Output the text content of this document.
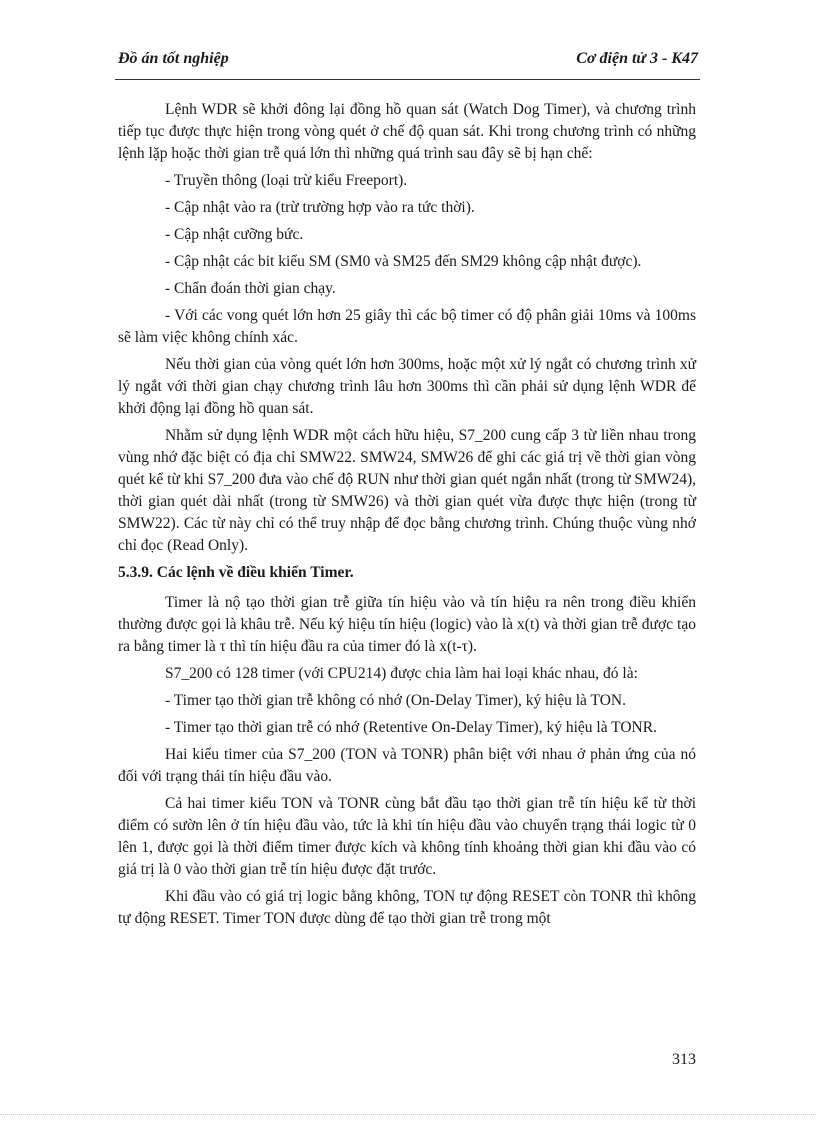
Đồ án tốt nghiệp	Cơ điện tử 3 - K47

Lệnh WDR sẽ khởi đông lại đồng hồ quan sát (Watch Dog Timer), và chương trình tiếp tục được thực hiện trong vòng quét ở chế độ quan sát. Khi trong chương trình có những lệnh lặp hoặc thời gian trễ quá lớn thì những quá trình sau đây sẽ bị hạn chế:

- Truyền thông (loại trừ kiểu Freeport).

- Cập nhật vào ra (trừ trường hợp vào ra tức thời).

- Cập nhật cưỡng bức.

- Cập nhật các bit kiểu SM (SM0 và SM25 đến SM29 không cập nhật được).

- Chẩn đoán thời gian chạy.

- Với các vong quét lớn hơn 25 giây thì các bộ timer có độ phân giải 10ms và 100ms sẽ làm việc không chính xác.

Nếu thời gian của vòng quét lớn hơn 300ms, hoặc một xử lý ngắt có chương trình xử lý ngắt với thời gian chạy chương trình lâu hơn 300ms thì cần phải sử dụng lệnh WDR để khởi động lại đồng hồ quan sát.

Nhằm sử dụng lệnh WDR một cách hữu hiệu, S7_200 cung cấp 3 từ liền nhau trong vùng nhớ đặc biệt có địa chỉ SMW22. SMW24, SMW26 để ghi các giá trị về thời gian vòng quét kể từ khi S7_200 đưa vào chế độ RUN như thời gian quét ngắn nhất (trong từ SMW24), thời gian quét dài nhất (trong từ SMW26) và thời gian quét vừa được thực hiện (trong từ SMW22). Các từ này chỉ có thể truy nhập để đọc bằng chương trình. Chúng thuộc vùng nhớ chỉ đọc (Read Only).

5.3.9. Các lệnh về điều khiển Timer.

Timer là nộ tạo thời gian trễ giữa tín hiệu vào và tín hiệu ra nên trong điều khiển thường được gọi là khâu trễ. Nếu ký hiệu tín hiệu (logic) vào là x(t) và thời gian trễ được tạo ra bằng timer là τ thì tín hiệu đầu ra của timer đó là x(t-τ).

S7_200 có 128 timer (với CPU214) được chia làm hai loại khác nhau, đó là:

- Timer tạo thời gian trễ không có nhớ (On-Delay Timer), ký hiệu là TON.

- Timer tạo thời gian trễ có nhớ (Retentive On-Delay Timer), ký hiệu là TONR.

Hai kiểu timer của S7_200 (TON và TONR) phân biệt với nhau ở phản ứng của nó đối với trạng thái tín hiệu đầu vào.

Cả hai timer kiểu TON và TONR cùng bắt đầu tạo thời gian trễ tín hiệu kể từ thời điểm có sườn lên ở tín hiệu đầu vào, tức là khi tín hiệu đầu vào chuyển trạng thái logic từ 0 lên 1, được gọi là thời điểm timer được kích và không tính khoảng thời gian khi đầu vào có giá trị là 0 vào thời gian trễ tín hiệu được đặt trước.

Khi đầu vào có giá trị logic bằng không, TON tự động RESET còn TONR thì không tự động RESET. Timer TON được dùng để tạo thời gian trễ trong một

313
